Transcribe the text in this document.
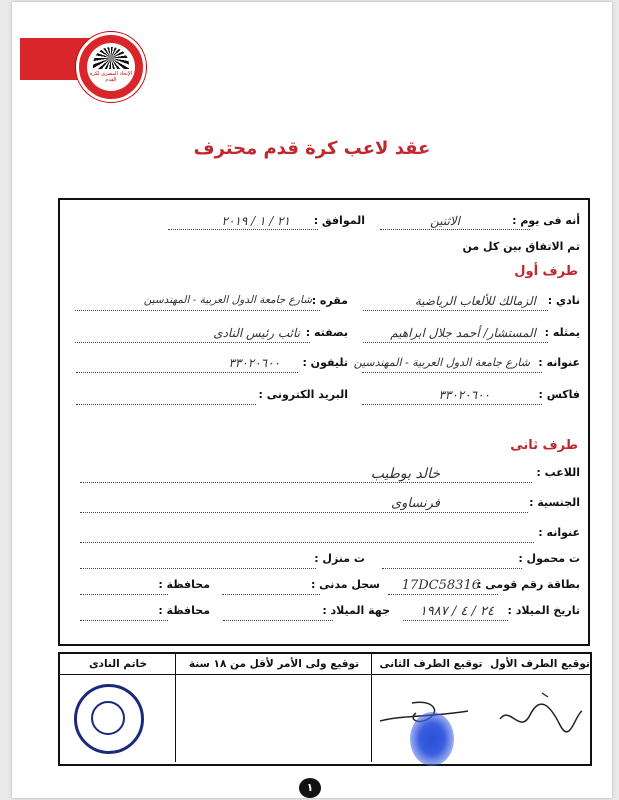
الإتحاد المصرى لكرة القدم
عقد لاعب كرة قدم محترف
أنه فى يوم :
الاثنين
الموافق :
٢١ / ١ / ٢٠١٩
تم الاتفاق بين كل من
طرف أول
نادي :
الزمالك للألعاب الرياضية
مقره :
شارع جامعة الدول العربية - المهندسين
يمثله :
المستشار/ أحمد جلال ابراهيم
بصفته :
نائب رئيس النادى
عنوانه :
شارع جامعة الدول العربية - المهندسين
تليفون :
٣٣٠٢٠٦٠٠
فاكس :
٣٣٠٢٠٦٠٠
البريد الكترونى :
طرف ثانى
اللاعب :
خالد بوطيب
الجنسية :
فرنساوى
عنوانه :
ت محمول :
ت منزل :
بطاقة رقم قومى :
17DC58316
سجل مدنى :
محافظة :
تاريخ الميلاد :
٢٤ / ٤ / ١٩٨٧
جهة الميلاد :
محافظة :
توقيع الطرف الأول
توقيع الطرف الثانى
توقيع ولى الأمر لأقل من ١٨ سنة
خاتم النادى
١
